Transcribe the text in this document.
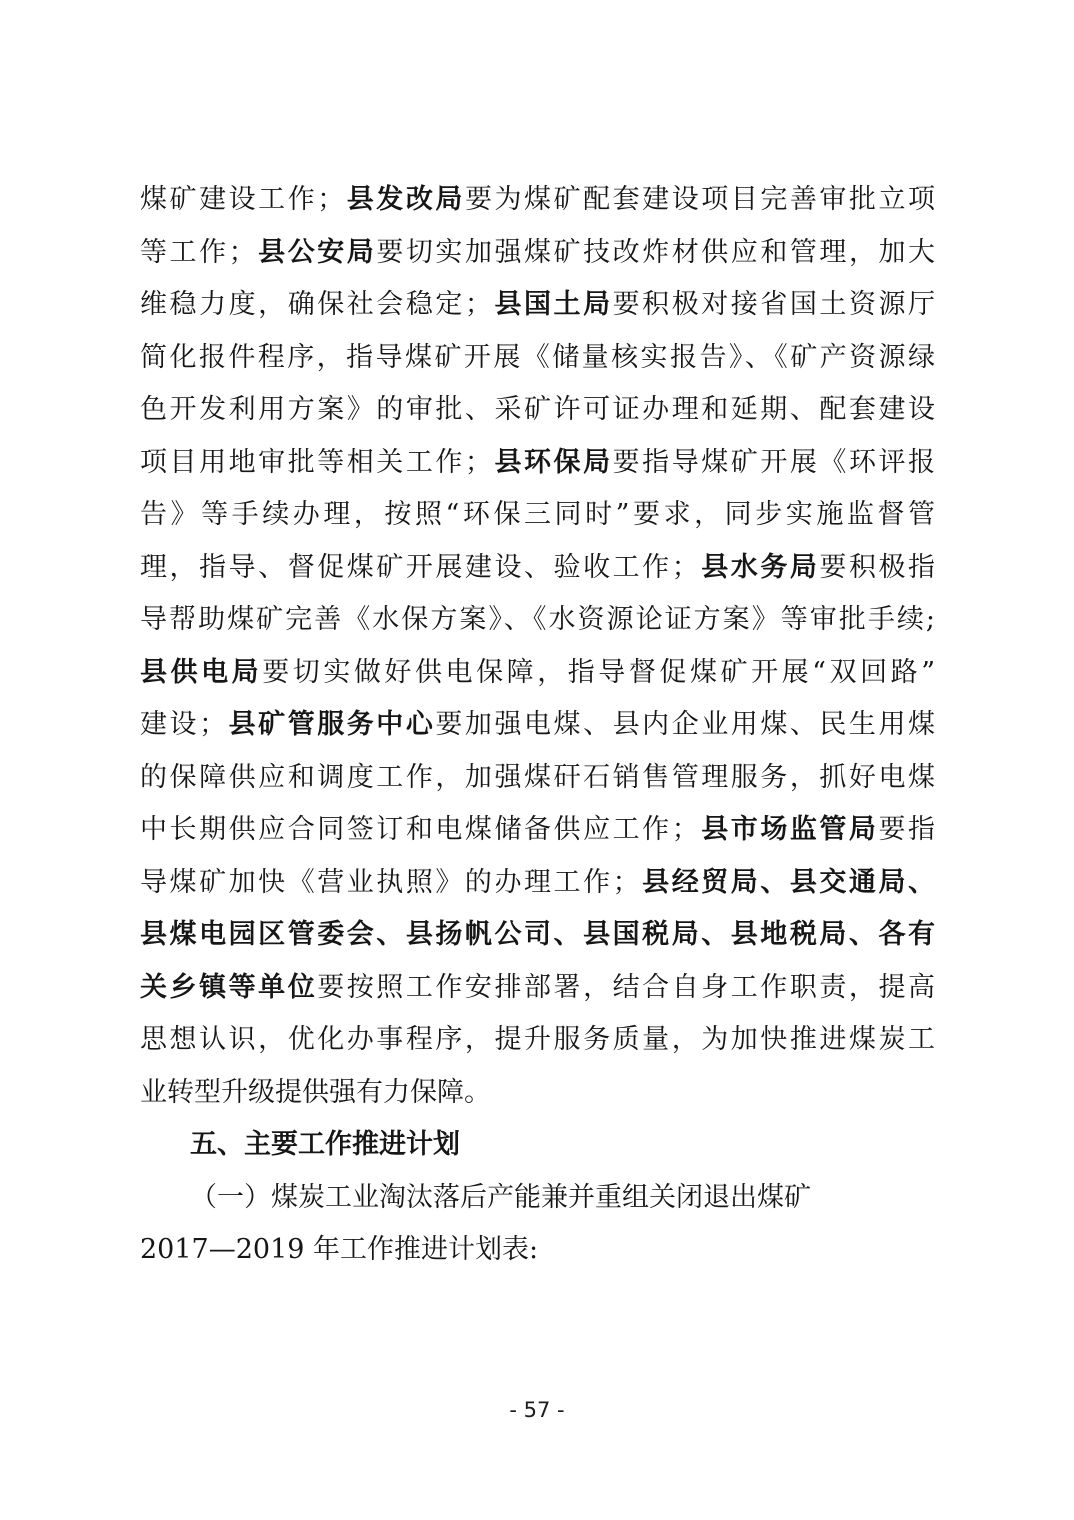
煤矿建设工作；县发改局要为煤矿配套建设项目完善审批立项
等工作；县公安局要切实加强煤矿技改炸材供应和管理，加大
维稳力度，确保社会稳定；县国土局要积极对接省国土资源厅
简化报件程序，指导煤矿开展《储量核实报告》、《矿产资源绿
色开发利用方案》的审批、采矿许可证办理和延期、配套建设
项目用地审批等相关工作；县环保局要指导煤矿开展《环评报
告》等手续办理，按照“环保三同时”要求，同步实施监督管
理，指导、督促煤矿开展建设、验收工作；县水务局要积极指
导帮助煤矿完善《水保方案》、《水资源论证方案》等审批手续;
县供电局要切实做好供电保障，指导督促煤矿开展“双回路”
建设；县矿管服务中心要加强电煤、县内企业用煤、民生用煤
的保障供应和调度工作，加强煤矸石销售管理服务，抓好电煤
中长期供应合同签订和电煤储备供应工作；县市场监管局要指
导煤矿加快《营业执照》的办理工作；县经贸局、县交通局、
县煤电园区管委会、县扬帆公司、县国税局、县地税局、各有
关乡镇等单位要按照工作安排部署，结合自身工作职责，提高
思想认识，优化办事程序，提升服务质量，为加快推进煤炭工
业转型升级提供强有力保障。
五、主要工作推进计划
（一）煤炭工业淘汰落后产能兼并重组关闭退出煤矿
2017—2019 年工作推进计划表:
- 57 -
